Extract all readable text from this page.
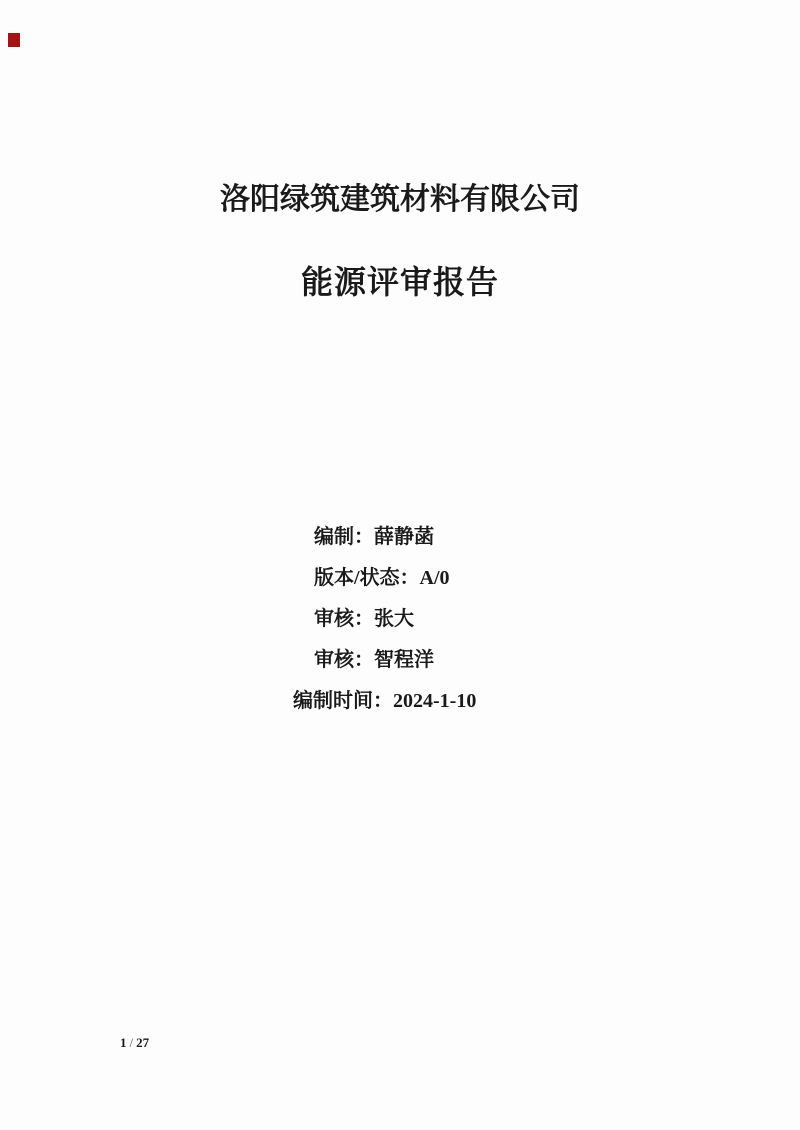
洛阳绿筑建筑材料有限公司
能源评审报告

编制：薛静菡

版本/状态：A/0

审核：张大

审核：智程洋

编制时间：2024-1-10

1 / 27
